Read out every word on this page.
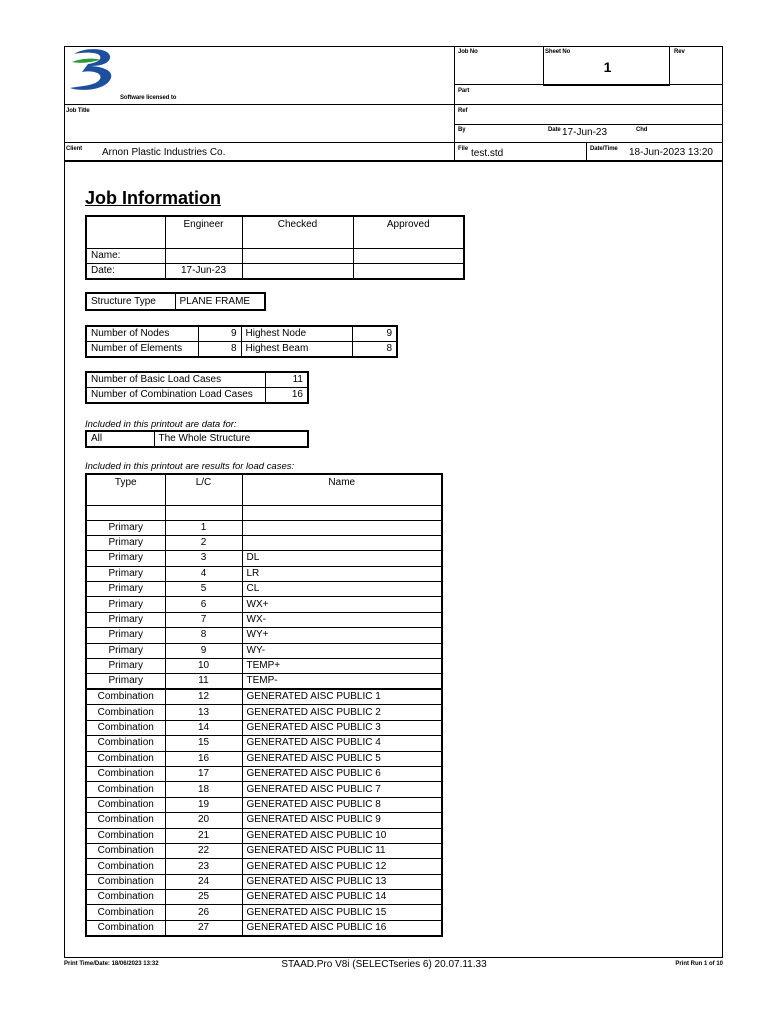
Software licensed to
Job No	Sheet No
1
Rev
Part
Job Title	Ref
By	Date 17-Jun-23	Chd
Client Arnon Plastic Industries Co.	File test.std	Date/Time 18-Jun-2023 13:20
Job Information
	Engineer	Checked	Approved
Name:			
Date:	17-Jun-23		
Structure Type	PLANE FRAME
Number of Nodes	9	Highest Node	9
Number of Elements	8	Highest Beam	8
Number of Basic Load Cases	11
Number of Combination Load Cases	16
Included in this printout are data for:
All	The Whole Structure
Included in this printout are results for load cases:
Type	L/C	Name

Primary	1	
Primary	2	
Primary	3	DL
Primary	4	LR
Primary	5	CL
Primary	6	WX+
Primary	7	WX-
Primary	8	WY+
Primary	9	WY-
Primary	10	TEMP+
Primary	11	TEMP-
Combination	12	GENERATED AISC PUBLIC 1
Combination	13	GENERATED AISC PUBLIC 2
Combination	14	GENERATED AISC PUBLIC 3
Combination	15	GENERATED AISC PUBLIC 4
Combination	16	GENERATED AISC PUBLIC 5
Combination	17	GENERATED AISC PUBLIC 6
Combination	18	GENERATED AISC PUBLIC 7
Combination	19	GENERATED AISC PUBLIC 8
Combination	20	GENERATED AISC PUBLIC 9
Combination	21	GENERATED AISC PUBLIC 10
Combination	22	GENERATED AISC PUBLIC 11
Combination	23	GENERATED AISC PUBLIC 12
Combination	24	GENERATED AISC PUBLIC 13
Combination	25	GENERATED AISC PUBLIC 14
Combination	26	GENERATED AISC PUBLIC 15
Combination	27	GENERATED AISC PUBLIC 16
Print Time/Date: 18/06/2023 13:32	STAAD.Pro V8i (SELECTseries 6) 20.07.11.33	Print Run 1 of 10
